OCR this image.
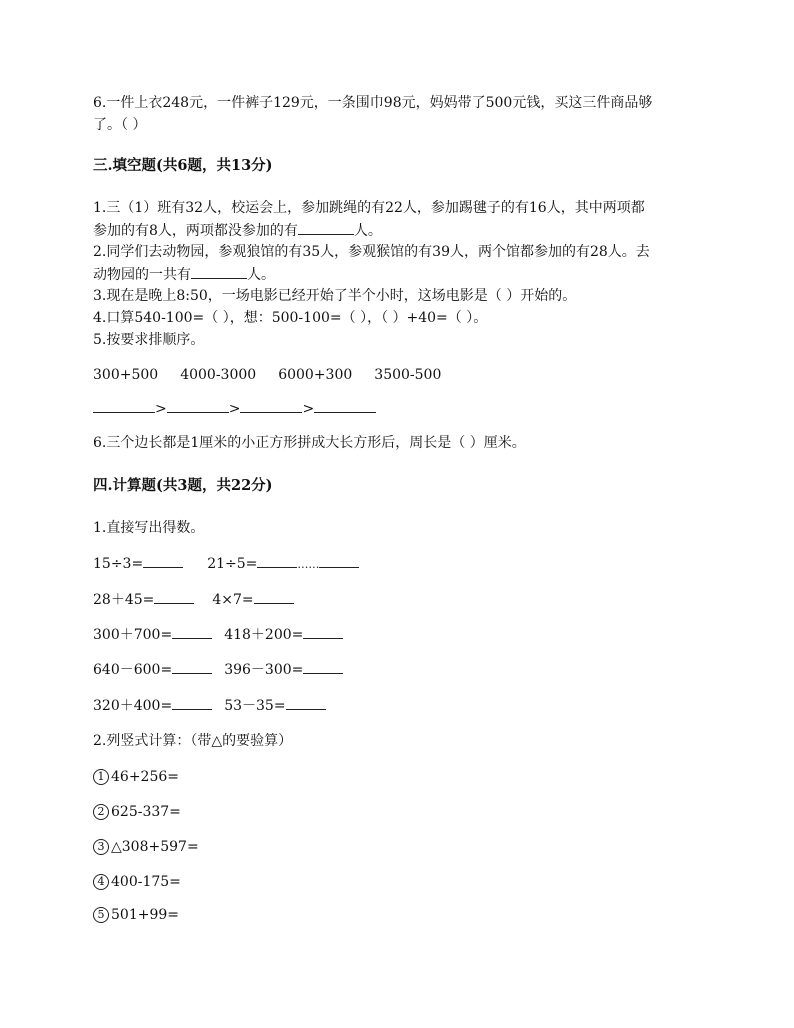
6.一件上衣248元，一件裤子129元，一条围巾98元，妈妈带了500元钱，买这三件商品够
了。（ ）
三.填空题(共6题，共13分)
1.三（1）班有32人，校运会上，参加跳绳的有22人，参加踢毽子的有16人，其中两项都
参加的有8人，两项都没参加的有	人。
2.同学们去动物园，参观狼馆的有35人，参观猴馆的有39人，两个馆都参加的有28人。去
动物园的一共有	人。
3.现在是晚上8:50，一场电影已经开始了半个小时，这场电影是（ ）开始的。
4.口算540-100=（ ），想：500-100=（ ），（ ）+40=（ ）。
5.按要求排顺序。
300+500 4000-3000 6000+300 3500-500
>	>	>
6.三个边长都是1厘米的小正方形拼成大长方形后，周长是（ ）厘米。
四.计算题(共3题，共22分)
1.直接写出得数。
15÷3=	21÷5=	……
28＋45=	4×7=
300＋700=	418＋200=
640－600=	396－300=
320＋400=	53－35=
2.列竖式计算：（带△的要验算）
1 46+256=
2 625-337=
3 △308+597=
4 400-175=
5 501+99=
